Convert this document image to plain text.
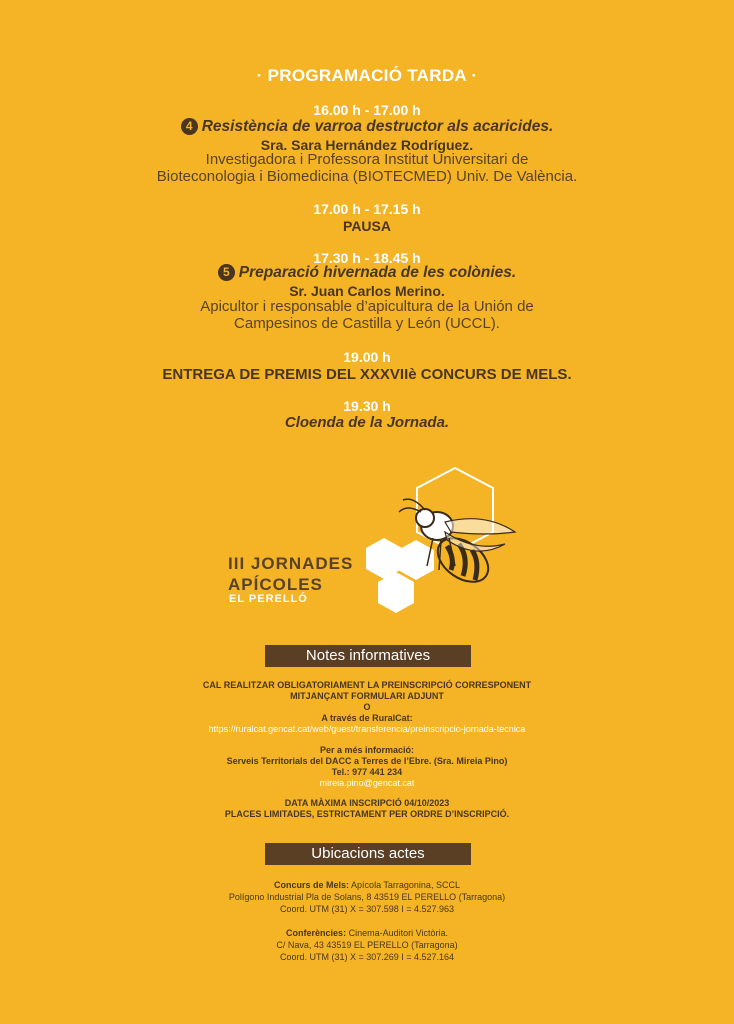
· PROGRAMACIÓ TARDA ·
16.00 h - 17.00 h
4 Resistència de varroa destructor als acaricides.
Sra. Sara Hernández Rodríguez.
Investigadora i Professora Institut Universitari de
Bioteconologia i Biomedicina (BIOTECMED) Univ. De València.
17.00 h - 17.15 h
PAUSA
17.30 h - 18.45 h
5 Preparació hivernada de les colònies.
Sr. Juan Carlos Merino.
Apicultor i responsable d’apicultura de la Unión de
Campesinos de Castilla y León (UCCL).
19.00 h
ENTREGA DE PREMIS DEL XXXVIIè CONCURS DE MELS.
19.30 h
Cloenda de la Jornada.
III JORNADES
APÍCOLES
EL PERELLÓ
Notes informatives
CAL REALITZAR OBLIGATORIAMENT LA PREINSCRIPCIÓ CORRESPONENT
MITJANÇANT FORMULARI ADJUNT
O
A través de RuralCat:
https://ruralcat.gencat.cat/web/guest/transferencia/preinscripcio-jornada-tecnica
Per a més informació:
Serveis Territorials del DACC a Terres de l’Ebre. (Sra. Mireia Pino)
Tel.: 977 441 234
mireia.pino@gencat.cat
DATA MÀXIMA INSCRIPCIÓ 04/10/2023
PLACES LIMITADES, ESTRICTAMENT PER ORDRE D’INSCRIPCIÓ.
Ubicacions actes
Concurs de Mels: Apícola Tarragonina, SCCL
Polígono Industrial Pla de Solans, 8 43519 EL PERELLO (Tarragona)
Coord. UTM (31) X = 307.598 I = 4.527.963
Conferències: Cinema-Auditori Victòria.
C/ Nava, 43 43519 EL PERELLO (Tarragona)
Coord. UTM (31) X = 307.269 I = 4.527.164
